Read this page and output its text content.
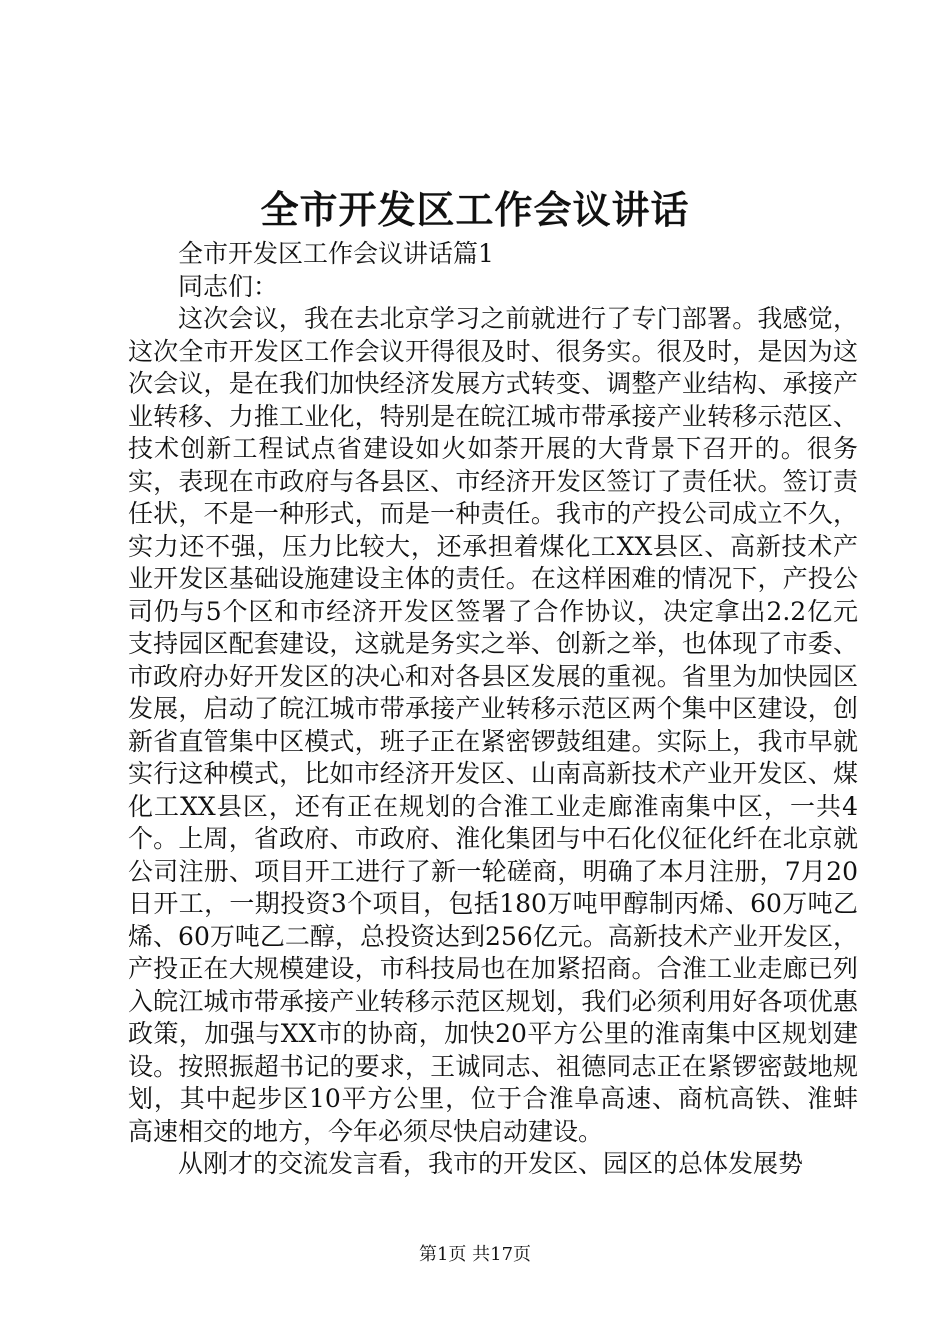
全市开发区工作会议讲话

全市开发区工作会议讲话篇1

同志们：

这次会议，我在去北京学习之前就进行了专门部署。我感觉，这次全市开发区工作会议开得很及时、很务实。很及时，是因为这次会议，是在我们加快经济发展方式转变、调整产业结构、承接产业转移、力推工业化，特别是在皖江城市带承接产业转移示范区、技术创新工程试点省建设如火如荼开展的大背景下召开的。很务实，表现在市政府与各县区、市经济开发区签订了责任状。签订责任状，不是一种形式，而是一种责任。我市的产投公司成立不久，实力还不强，压力比较大，还承担着煤化工XX县区、高新技术产业开发区基础设施建设主体的责任。在这样困难的情况下，产投公司仍与5个区和市经济开发区签署了合作协议，决定拿出2.2亿元支持园区配套建设，这就是务实之举、创新之举，也体现了市委、市政府办好开发区的决心和对各县区发展的重视。省里为加快园区发展，启动了皖江城市带承接产业转移示范区两个集中区建设，创新省直管集中区模式，班子正在紧密锣鼓组建。实际上，我市早就实行这种模式，比如市经济开发区、山南高新技术产业开发区、煤化工XX县区，还有正在规划的合淮工业走廊淮南集中区，一共4个。上周，省政府、市政府、淮化集团与中石化仪征化纤在北京就公司注册、项目开工进行了新一轮磋商，明确了本月注册，7月20日开工，一期投资3个项目，包括180万吨甲醇制丙烯、60万吨乙烯、60万吨乙二醇，总投资达到256亿元。高新技术产业开发区，产投正在大规模建设，市科技局也在加紧招商。合淮工业走廊已列入皖江城市带承接产业转移示范区规划，我们必须利用好各项优惠政策，加强与XX市的协商，加快20平方公里的淮南集中区规划建设。按照振超书记的要求，王诚同志、祖德同志正在紧锣密鼓地规划，其中起步区10平方公里，位于合淮阜高速、商杭高铁、淮蚌高速相交的地方，今年必须尽快启动建设。

从刚才的交流发言看，我市的开发区、园区的总体发展势

第1页 共17页
